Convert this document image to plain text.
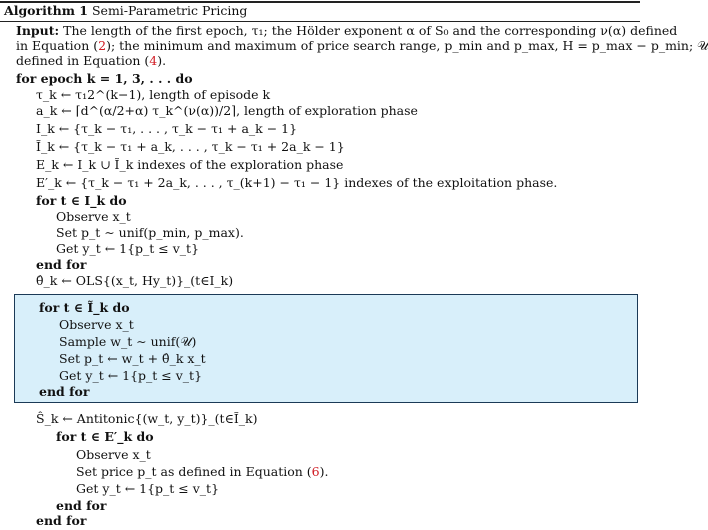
Algorithm 1 Semi-Parametric Pricing
Input: The length of the first epoch, τ₁; the Hölder exponent α of S₀ and the corresponding ν(α) defined
in Equation (2); the minimum and maximum of price search range, p_min and p_max, H = p_max − p_min; 𝒰
defined in Equation (4).
for epoch k = 1, 3, . . . do
τ_k ← τ₁2^(k−1), length of episode k
a_k ← ⌈d^(α/2+α) τ_k^(ν(α))/2⌉, length of exploration phase
I_k ← {τ_k − τ₁, . . . , τ_k − τ₁ + a_k − 1}
Ĩ_k ← {τ_k − τ₁ + a_k, . . . , τ_k − τ₁ + 2a_k − 1}
E_k ← I_k ∪ Ĩ_k indexes of the exploration phase
E′_k ← {τ_k − τ₁ + 2a_k, . . . , τ_(k+1) − τ₁ − 1} indexes of the exploitation phase.
for t ∈ I_k do
Observe x_t
Set p_t ∼ unif(p_min, p_max).
Get y_t ← 1{p_t ≤ v_t}
end for
for t ∈ Ĩ_k do
Observe x_t
Sample w_t ∼ unif(𝒰)
Set p_t ← w_t + θ̂_k x_t
Get y_t ← 1{p_t ≤ v_t}
end for
Ŝ_k ← Antitonic{(w_t, y_t)}_(t∈Ĩ_k)
for t ∈ E′_k do
Observe x_t
Set price p_t as defined in Equation (6).
Get y_t ← 1{p_t ≤ v_t}
end for
end for
θ̂_k ← OLS{(x_t, Hy_t)}_(t∈I_k)
